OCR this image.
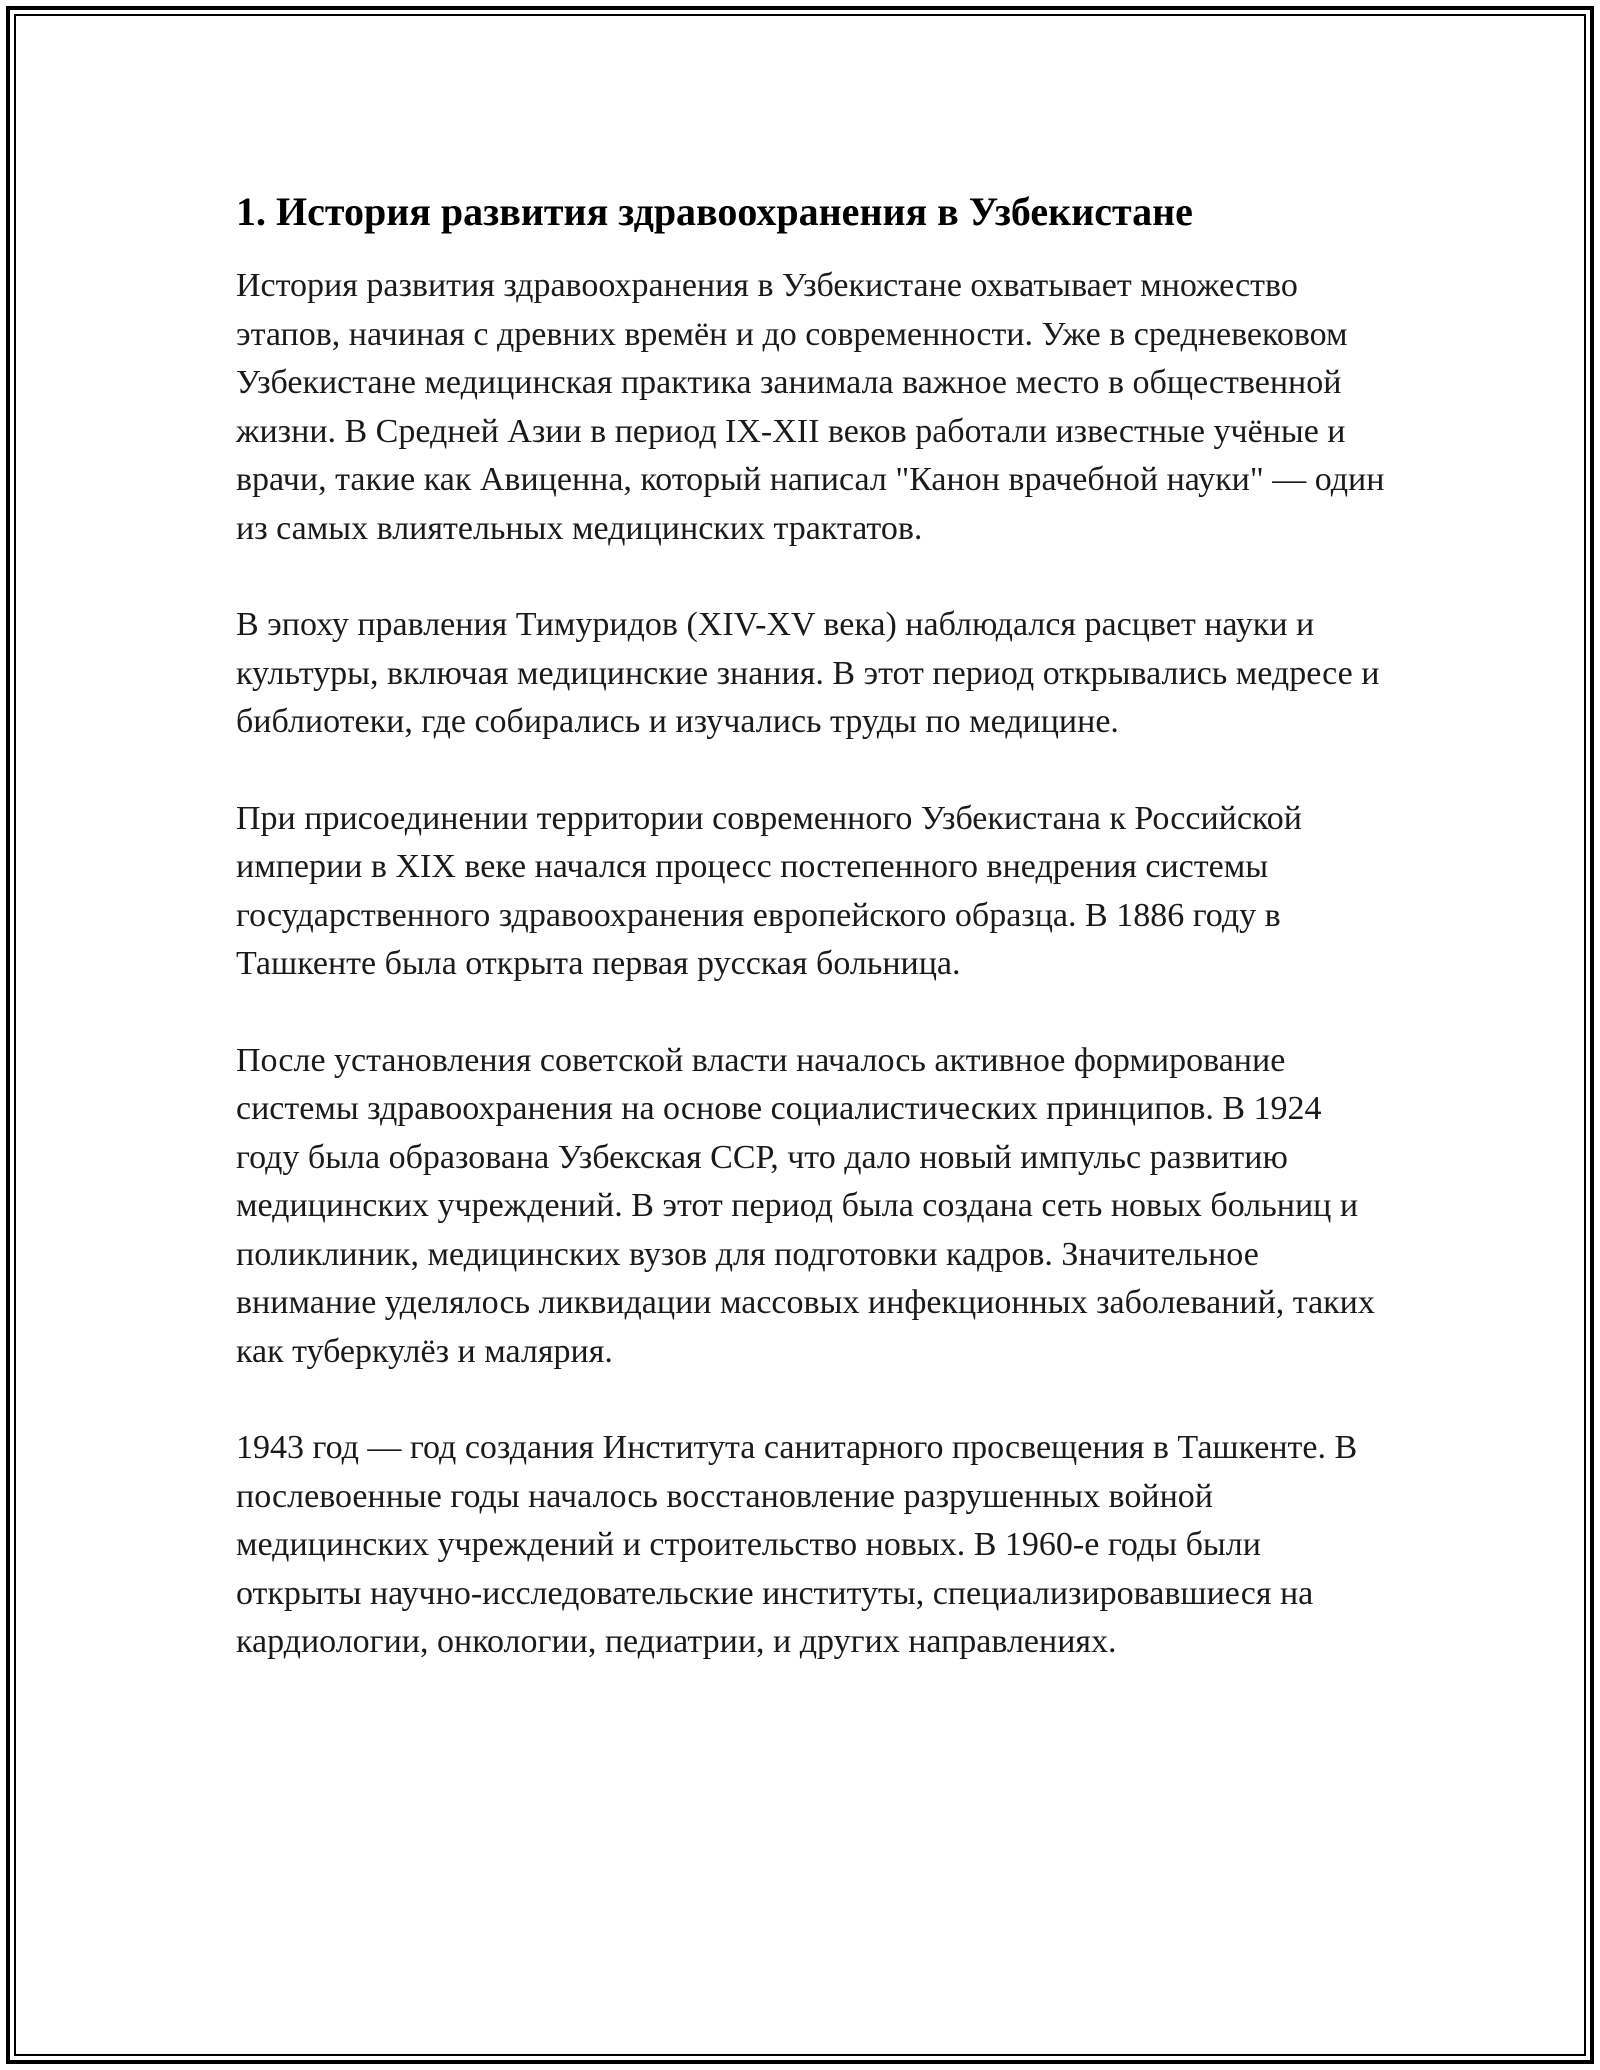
1. История развития здравоохранения в Узбекистане

История развития здравоохранения в Узбекистане охватывает множество этапов, начиная с древних времён и до современности. Уже в средневековом Узбекистане медицинская практика занимала важное место в общественной жизни. В Средней Азии в период IX-XII веков работали известные учёные и врачи, такие как Авиценна, который написал "Канон врачебной науки" — один из самых влиятельных медицинских трактатов.

В эпоху правления Тимуридов (XIV-XV века) наблюдался расцвет науки и культуры, включая медицинские знания. В этот период открывались медресе и библиотеки, где собирались и изучались труды по медицине.

При присоединении территории современного Узбекистана к Российской империи в XIX веке начался процесс постепенного внедрения системы государственного здравоохранения европейского образца. В 1886 году в Ташкенте была открыта первая русская больница.

После установления советской власти началось активное формирование системы здравоохранения на основе социалистических принципов. В 1924 году была образована Узбекская ССР, что дало новый импульс развитию медицинских учреждений. В этот период была создана сеть новых больниц и поликлиник, медицинских вузов для подготовки кадров. Значительное внимание уделялось ликвидации массовых инфекционных заболеваний, таких как туберкулёз и малярия.

1943 год — год создания Института санитарного просвещения в Ташкенте. В послевоенные годы началось восстановление разрушенных войной медицинских учреждений и строительство новых. В 1960-е годы были открыты научно-исследовательские институты, специализировавшиеся на кардиологии, онкологии, педиатрии, и других направлениях.
